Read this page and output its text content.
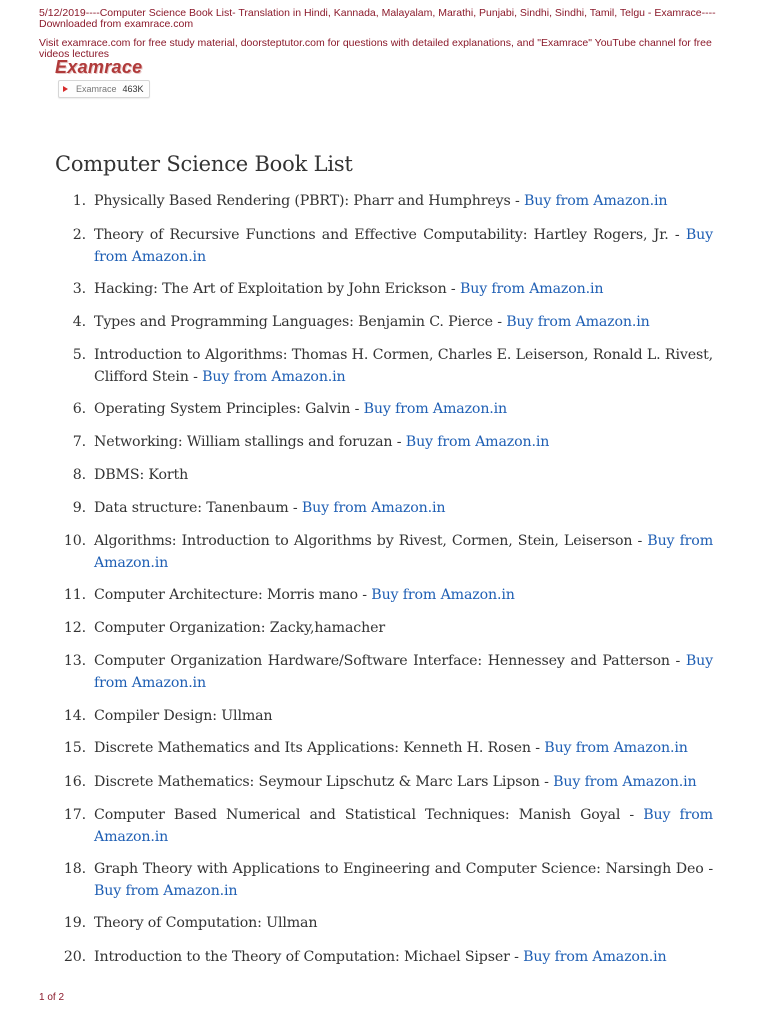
5/12/2019----Computer Science Book List- Translation in Hindi, Kannada, Malayalam, Marathi, Punjabi, Sindhi, Sindhi, Tamil, Telgu - Examrace----Downloaded from examrace.com
Visit examrace.com for free study material, doorsteptutor.com for questions with detailed explanations, and "Examrace" YouTube channel for free videos lectures
Examrace
Examrace 463K
Computer Science Book List
1. Physically Based Rendering (PBRT): Pharr and Humphreys - Buy from Amazon.in
2. Theory of Recursive Functions and Effective Computability: Hartley Rogers, Jr. - Buy from Amazon.in
3. Hacking: The Art of Exploitation by John Erickson - Buy from Amazon.in
4. Types and Programming Languages: Benjamin C. Pierce - Buy from Amazon.in
5. Introduction to Algorithms: Thomas H. Cormen, Charles E. Leiserson, Ronald L. Rivest, Clifford Stein - Buy from Amazon.in
6. Operating System Principles: Galvin - Buy from Amazon.in
7. Networking: William stallings and foruzan - Buy from Amazon.in
8. DBMS: Korth
9. Data structure: Tanenbaum - Buy from Amazon.in
10. Algorithms: Introduction to Algorithms by Rivest, Cormen, Stein, Leiserson - Buy from Amazon.in
11. Computer Architecture: Morris mano - Buy from Amazon.in
12. Computer Organization: Zacky,hamacher
13. Computer Organization Hardware/Software Interface: Hennessey and Patterson - Buy from Amazon.in
14. Compiler Design: Ullman
15. Discrete Mathematics and Its Applications: Kenneth H. Rosen - Buy from Amazon.in
16. Discrete Mathematics: Seymour Lipschutz & Marc Lars Lipson - Buy from Amazon.in
17. Computer Based Numerical and Statistical Techniques: Manish Goyal - Buy from Amazon.in
18. Graph Theory with Applications to Engineering and Computer Science: Narsingh Deo - Buy from Amazon.in
19. Theory of Computation: Ullman
20. Introduction to the Theory of Computation: Michael Sipser - Buy from Amazon.in
1 of 2
